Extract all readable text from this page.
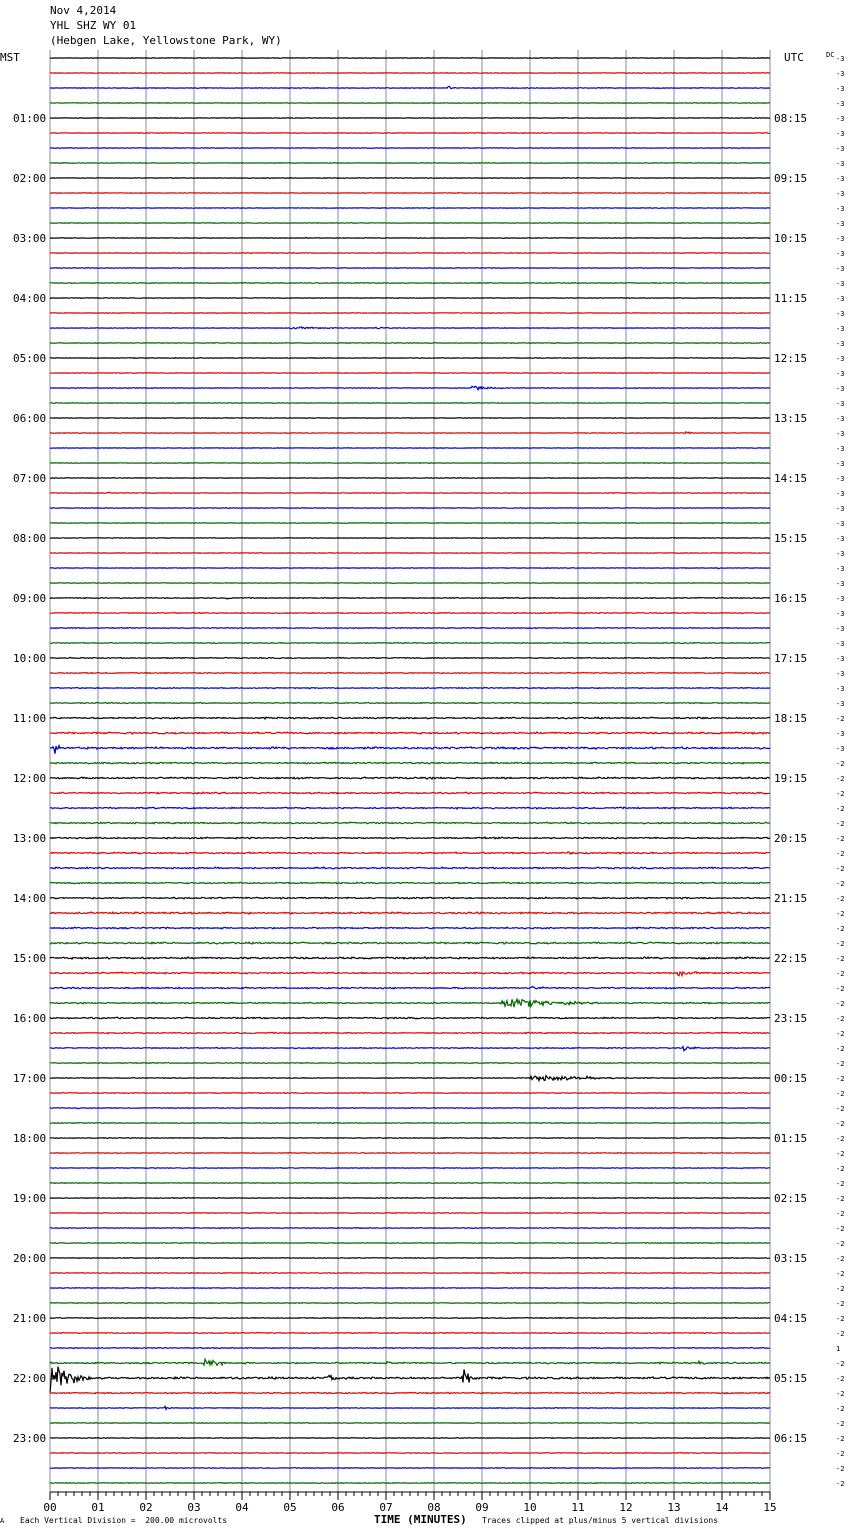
Nov 4,2014
YHL SHZ WY 01
(Hebgen Lake, Yellowstone Park, WY)
MST	UTC	DC -3
-3
-3
-3
-3
-3
-3
-3
-3
-3
-3
-3
-3
-3
-3
-3
-3
-3
-3
-3
-3
-3
-3
-3
-3
-3
-3
-3
-3
-3
-3
-3
-3
-3
-3
-3
-3
-3
-3
-3
-3
-3
-3
-3
-2
-3
-3
-2
-2
-2
-2
-2
-2
-2
-2
-2
-2
-2
-2
-2
-2
-2
-2
-2
-2
-2
-2
-2
-2
-2
-2
-2
-2
-2
-2
-2
-2
-2
-2
-2
-2
-2
-2
-2
-2
-2
1
-2
-2
-2
-2
-2
-2
-2
-2
-2
01:00
02:00
03:00
04:00
05:00
06:00
07:00
08:00
09:00
10:00
11:00
12:00
13:00
14:00
15:00
16:00
17:00
18:00
19:00
20:00
21:00
22:00
23:00
08:15
09:15
10:15
11:15
12:15
13:15
14:15
15:15
16:15
17:15
18:15
19:15
20:15
21:15
22:15
23:15
00:15
01:15
02:15
03:15
04:15
05:15
06:15
00	01	02	03	04	05	06	07	08	09	10	11	12	13	14	15
A Each Vertical Division =  200.00 microvolts	TIME (MINUTES) Traces clipped at plus/minus 5 vertical divisions
